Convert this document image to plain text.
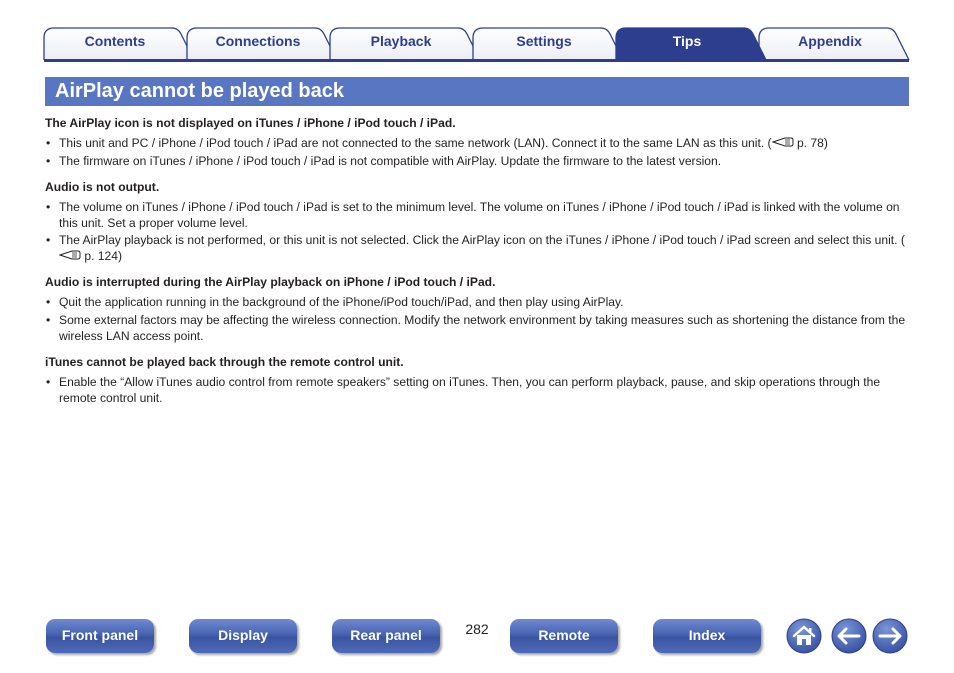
Contents	Connections	Playback	Settings	Tips	Appendix
AirPlay cannot be played back
The AirPlay icon is not displayed on iTunes / iPhone / iPod touch / iPad.
• This unit and PC / iPhone / iPod touch / iPad are not connected to the same network (LAN). Connect it to the same LAN as this unit. ( p. 78)
• The firmware on iTunes / iPhone / iPod touch / iPad is not compatible with AirPlay. Update the firmware to the latest version.
Audio is not output.
• The volume on iTunes / iPhone / iPod touch / iPad is set to the minimum level. The volume on iTunes / iPhone / iPod touch / iPad is linked with the volume on this unit. Set a proper volume level.
• The AirPlay playback is not performed, or this unit is not selected. Click the AirPlay icon on the iTunes / iPhone / iPod touch / iPad screen and select this unit. ( p. 124)
Audio is interrupted during the AirPlay playback on iPhone / iPod touch / iPad.
• Quit the application running in the background of the iPhone/iPod touch/iPad, and then play using AirPlay.
• Some external factors may be affecting the wireless connection. Modify the network environment by taking measures such as shortening the distance from the wireless LAN access point.
iTunes cannot be played back through the remote control unit.
• Enable the “Allow iTunes audio control from remote speakers” setting on iTunes. Then, you can perform playback, pause, and skip operations through the remote control unit.
Front panel	Display	Rear panel	282	Remote	Index
